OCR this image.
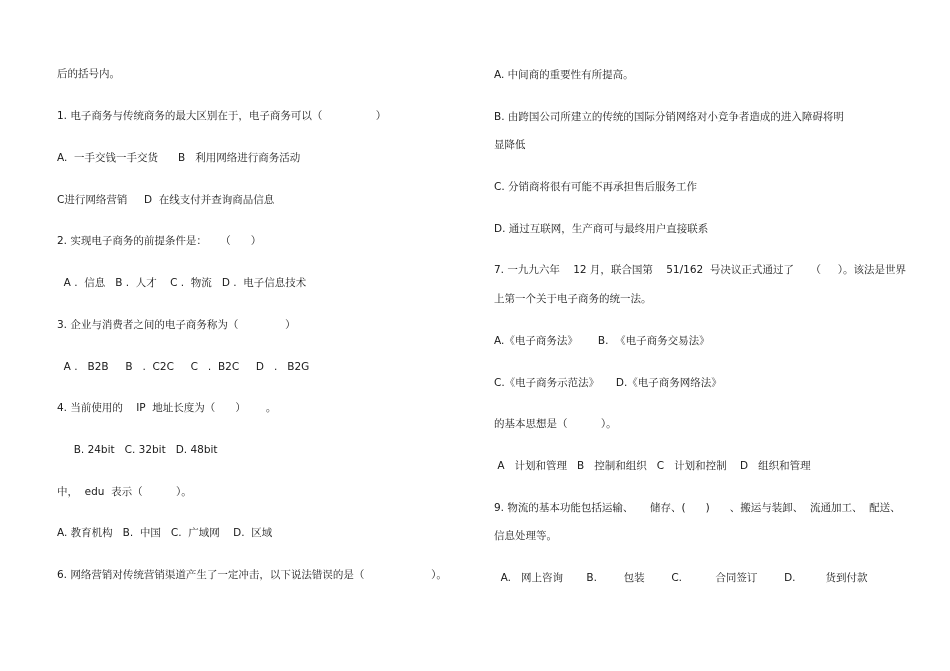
后的括号内。
1. 电子商务与传统商务的最大区别在于，电子商务可以（                ）
A.  一手交钱一手交货      B   利用网络进行商务活动
C进行网络营销     D  在线支付并查询商品信息
2. 实现电子商务的前提条件是：    （      ）
A .  信息   B .  人才    C .  物流   D .  电子信息技术
3. 企业与消费者之间的电子商务称为（              ）
A .   B2B     B   .  C2C     C   .  B2C     D   .   B2G
4. 当前使用的    IP  地址长度为（      ）      。
B. 24bit   C. 32bit   D. 48bit
中，  edu  表示（          ）。
A. 教育机构   B.  中国   C.  广域网    D.  区域
6. 网络营销对传统营销渠道产生了一定冲击，以下说法错误的是（                    ）。
A. 中间商的重要性有所提高。
B. 由跨国公司所建立的传统的国际分销网络对小竞争者造成的进入障碍将明
显降低
C. 分销商将很有可能不再承担售后服务工作
D. 通过互联网，生产商可与最终用户直接联系
7. 一九九六年    12 月，联合国第    51/162  号决议正式通过了     （     ）。该法是世界
上第一个关于电子商务的统一法。
A.《电子商务法》      B.  《电子商务交易法》
C.《电子商务示范法》     D.《电子商务网络法》
的基本思想是（          ）。
A   计划和管理   B   控制和组织   C   计划和控制    D   组织和管理
9. 物流的基本功能包括运输、     储存、(      )      、搬运与装卸、  流通加工、  配送、
信息处理等。
A.   网上咨询       B.        包装        C.          合同签订        D.         货到付款
